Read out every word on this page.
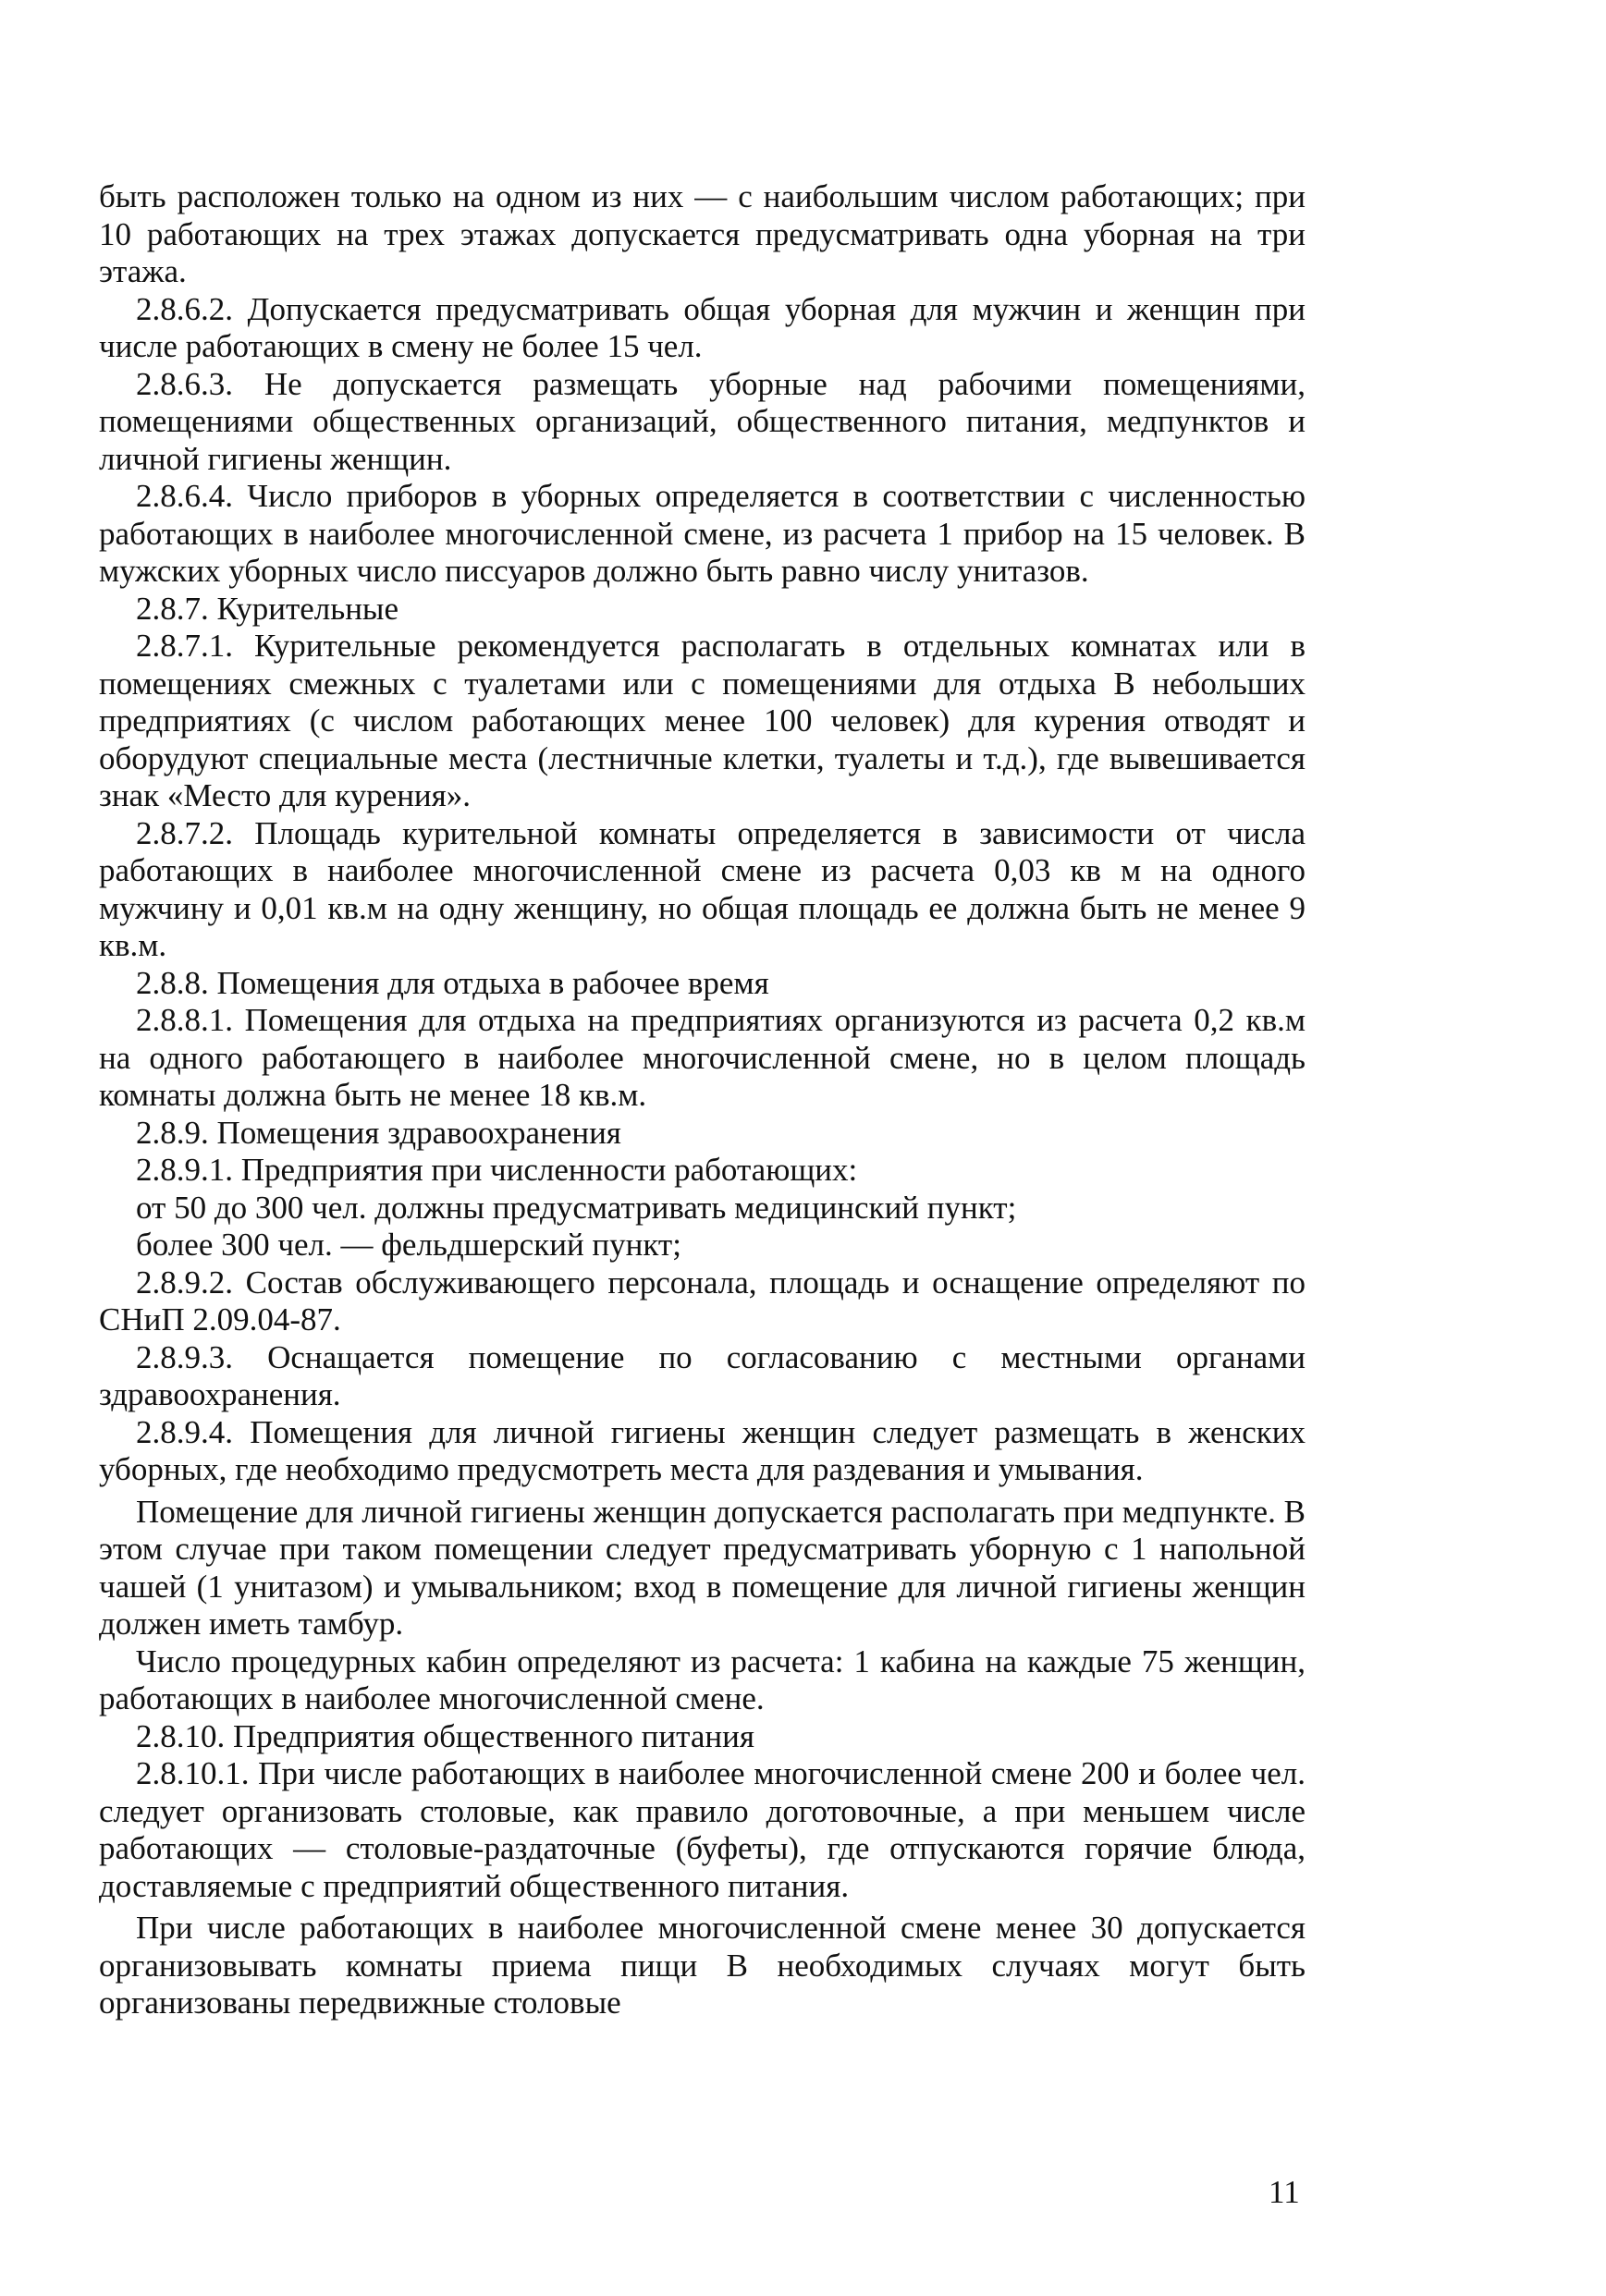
быть расположен только на одном из них — с наибольшим числом работающих; при 10 работающих на трех этажах допускается предусматривать одна уборная на три этажа.

2.8.6.2. Допускается предусматривать общая уборная для мужчин и женщин при числе работающих в смену не более 15 чел.

2.8.6.3. Не допускается размещать уборные над рабочими помещениями, помещениями общественных организаций, общественного питания, медпунктов и личной гигиены женщин.

2.8.6.4. Число приборов в уборных определяется в соответствии с численностью работающих в наиболее многочисленной смене, из расчета 1 прибор на 15 человек. В мужских уборных число писсуаров должно быть равно числу унитазов.

2.8.7. Курительные

2.8.7.1. Курительные рекомендуется располагать в отдельных комнатах или в помещениях смежных с туалетами или с помещениями для отдыха В небольших предприятиях (с числом работающих менее 100 человек) для курения отводят и оборудуют специальные места (лестничные клетки, туалеты и т.д.), где вывешивается знак «Место для курения».

2.8.7.2. Площадь курительной комнаты определяется в зависимости от числа работающих в наиболее многочисленной смене из расчета 0,03 кв м на одного мужчину и 0,01 кв.м на одну женщину, но общая площадь ее должна быть не менее 9 кв.м.

2.8.8. Помещения для отдыха в рабочее время

2.8.8.1. Помещения для отдыха на предприятиях организуются из расчета 0,2 кв.м на одного работающего в наиболее многочисленной смене, но в целом площадь комнаты должна быть не менее 18 кв.м.

2.8.9. Помещения здравоохранения

2.8.9.1. Предприятия при численности работающих:

от 50 до 300 чел. должны предусматривать медицинский пункт;

более 300 чел. — фельдшерский пункт;

2.8.9.2. Состав обслуживающего персонала, площадь и оснащение определяют по СНиП 2.09.04-87.

2.8.9.3. Оснащается помещение по согласованию с местными органами здравоохранения.

2.8.9.4. Помещения для личной гигиены женщин следует размещать в женских уборных, где необходимо предусмотреть места для раздевания и умывания.

Помещение для личной гигиены женщин допускается располагать при медпункте. В этом случае при таком помещении следует предусматривать уборную с 1 напольной чашей (1 унитазом) и умывальником; вход в помещение для личной гигиены женщин должен иметь тамбур.

Число процедурных кабин определяют из расчета: 1 кабина на каждые 75 женщин, работающих в наиболее многочисленной смене.

2.8.10. Предприятия общественного питания

2.8.10.1. При числе работающих в наиболее многочисленной смене 200 и более чел. следует организовать столовые, как правило доготовочные, а при меньшем числе работающих — столовые-раздаточные (буфеты), где отпускаются горячие блюда, доставляемые с предприятий общественного питания.

При числе работающих в наиболее многочисленной смене менее 30 допускается организовывать комнаты приема пищи В необходимых случаях могут быть организованы передвижные столовые

11
